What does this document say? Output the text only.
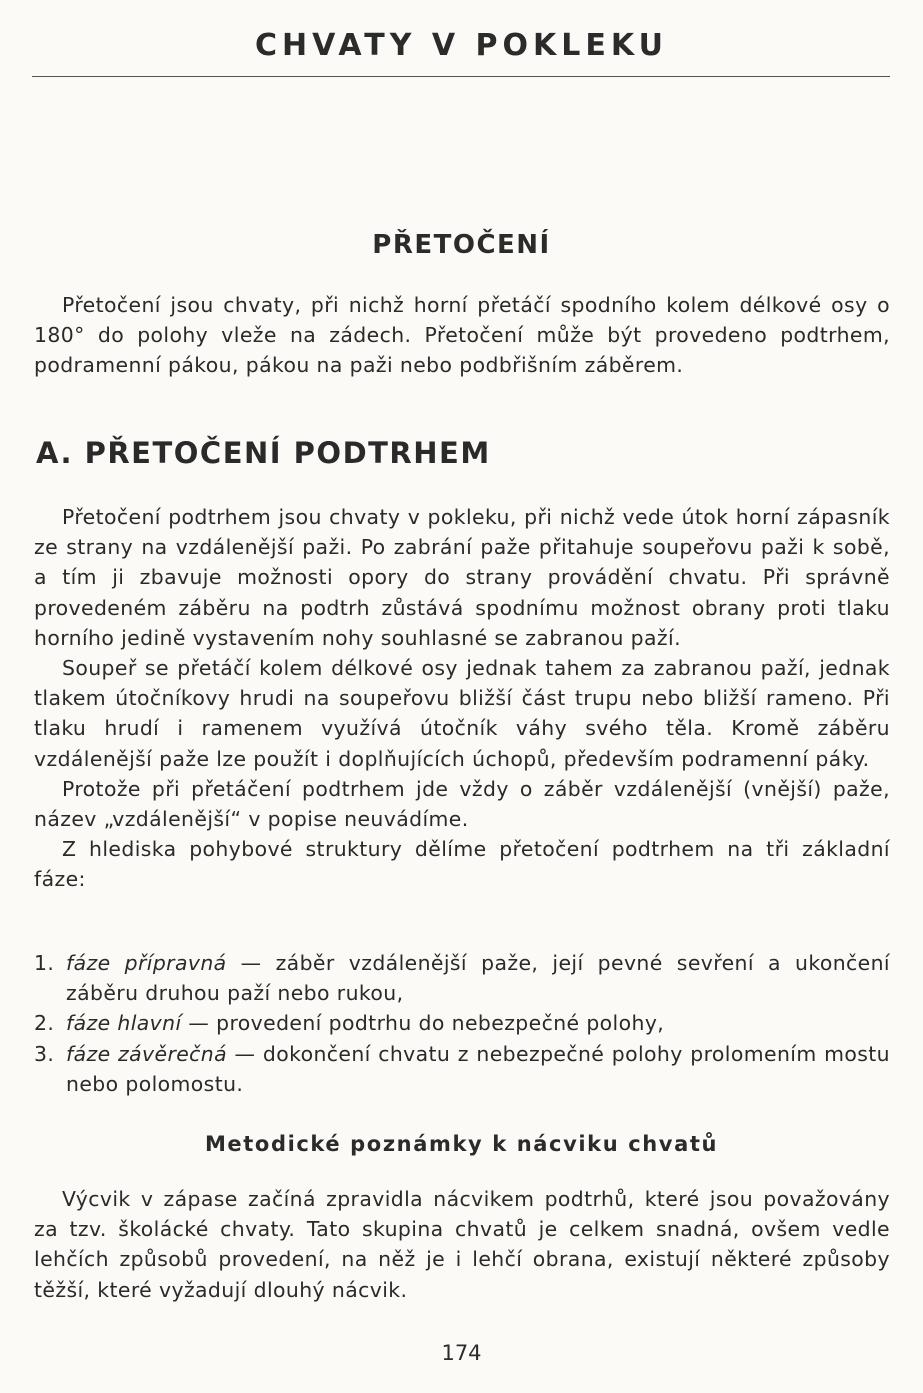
CHVATY V POKLEKU
PŘETOČENÍ

Přetočení jsou chvaty, při nichž horní přetáčí spodního kolem délkové osy o 180° do polohy vleže na zádech. Přetočení může být provedeno podtrhem, podramenní pákou, pákou na paži nebo podbřišním záběrem.

A. PŘETOČENÍ PODTRHEM

Přetočení podtrhem jsou chvaty v pokleku, při nichž vede útok horní zápasník ze strany na vzdálenější paži. Po zabrání paže přitahuje soupeřovu paži k sobě, a tím ji zbavuje možnosti opory do strany provádění chvatu. Při správně provedeném záběru na podtrh zůstává spodnímu možnost obrany proti tlaku horního jedině vystavením nohy souhlasné se zabranou paží.

Soupeř se přetáčí kolem délkové osy jednak tahem za zabranou paží, jednak tlakem útočníkovy hrudi na soupeřovu bližší část trupu nebo bližší rameno. Při tlaku hrudí i ramenem využívá útočník váhy svého těla. Kromě záběru vzdálenější paže lze použít i doplňujících úchopů, především podramenní páky.

Protože při přetáčení podtrhem jde vždy o záběr vzdálenější (vnější) paže, název „vzdálenější“ v popise neuvádíme.

Z hlediska pohybové struktury dělíme přetočení podtrhem na tři základní fáze:

1. fáze přípravná — záběr vzdálenější paže, její pevné sevření a ukončení záběru druhou paží nebo rukou,

2. fáze hlavní — provedení podtrhu do nebezpečné polohy,

3. fáze závěrečná — dokončení chvatu z nebezpečné polohy prolomením mostu nebo polomostu.

Metodické poznámky k nácviku chvatů

Výcvik v zápase začíná zpravidla nácvikem podtrhů, které jsou považovány za tzv. školácké chvaty. Tato skupina chvatů je celkem snadná, ovšem vedle lehčích způsobů provedení, na něž je i lehčí obrana, existují některé způsoby těžší, které vyžadují dlouhý nácvik.

174
